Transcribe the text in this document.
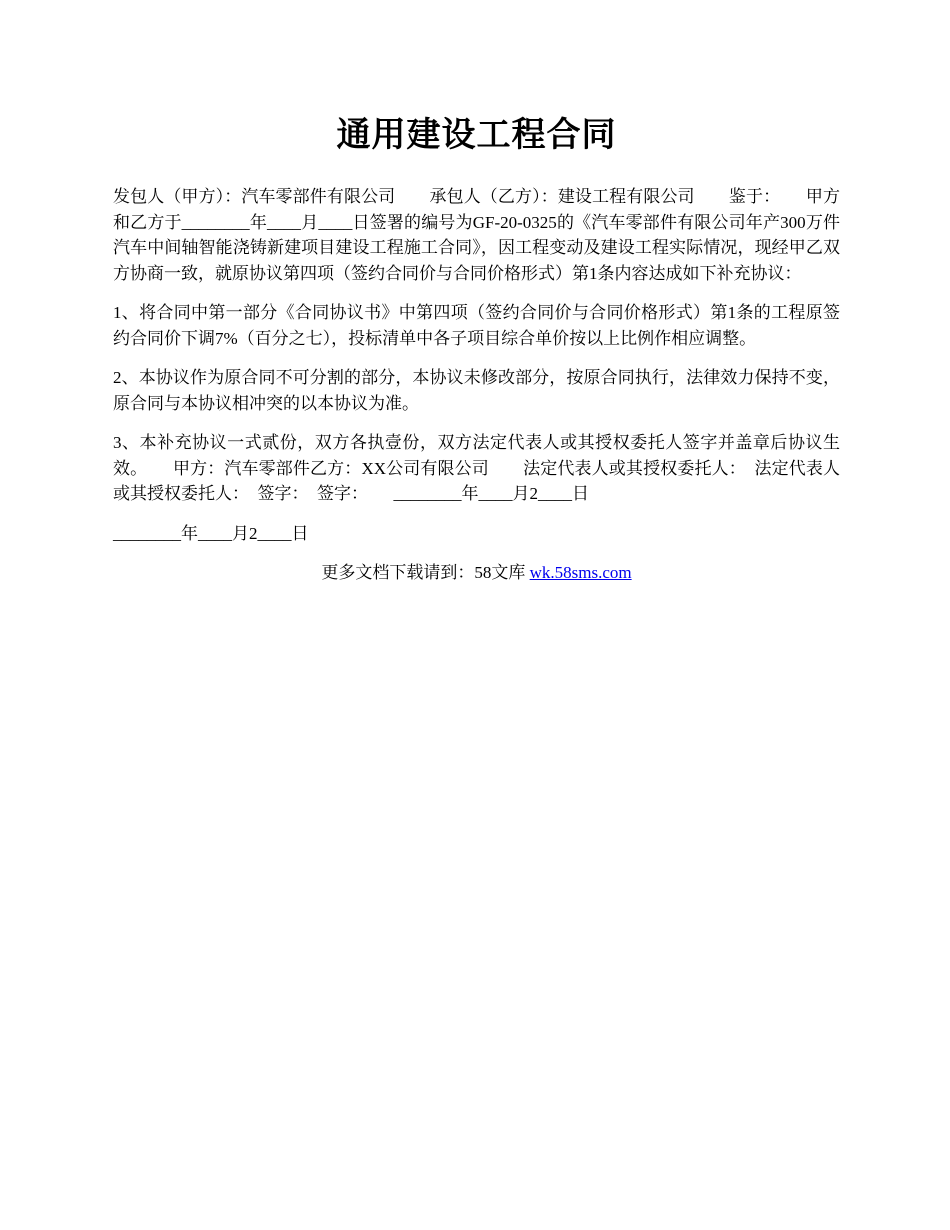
通用建设工程合同

发包人（甲方）：汽车零部件有限公司　　承包人（乙方）：建设工程有限公司　　鉴于：　　甲方和乙方于________年____月____日签署的编号为GF-20-0325的《汽车零部件有限公司年产300万件汽车中间轴智能浇铸新建项目建设工程施工合同》，因工程变动及建设工程实际情况，现经甲乙双方协商一致，就原协议第四项（签约合同价与合同价格形式）第1条内容达成如下补充协议：

1、将合同中第一部分《合同协议书》中第四项（签约合同价与合同价格形式）第1条的工程原签约合同价下调7%（百分之七），投标清单中各子项目综合单价按以上比例作相应调整。

2、本协议作为原合同不可分割的部分，本协议未修改部分，按原合同执行，法律效力保持不变，原合同与本协议相冲突的以本协议为准。

3、本补充协议一式贰份，双方各执壹份，双方法定代表人或其授权委托人签字并盖章后协议生效。　　甲方：汽车零部件乙方：XX公司有限公司　　法定代表人或其授权委托人：　法定代表人或其授权委托人：　签字：　签字：　　________年____月2____日

________年____月2____日

更多文档下载请到：58文库 wk.58sms.com
